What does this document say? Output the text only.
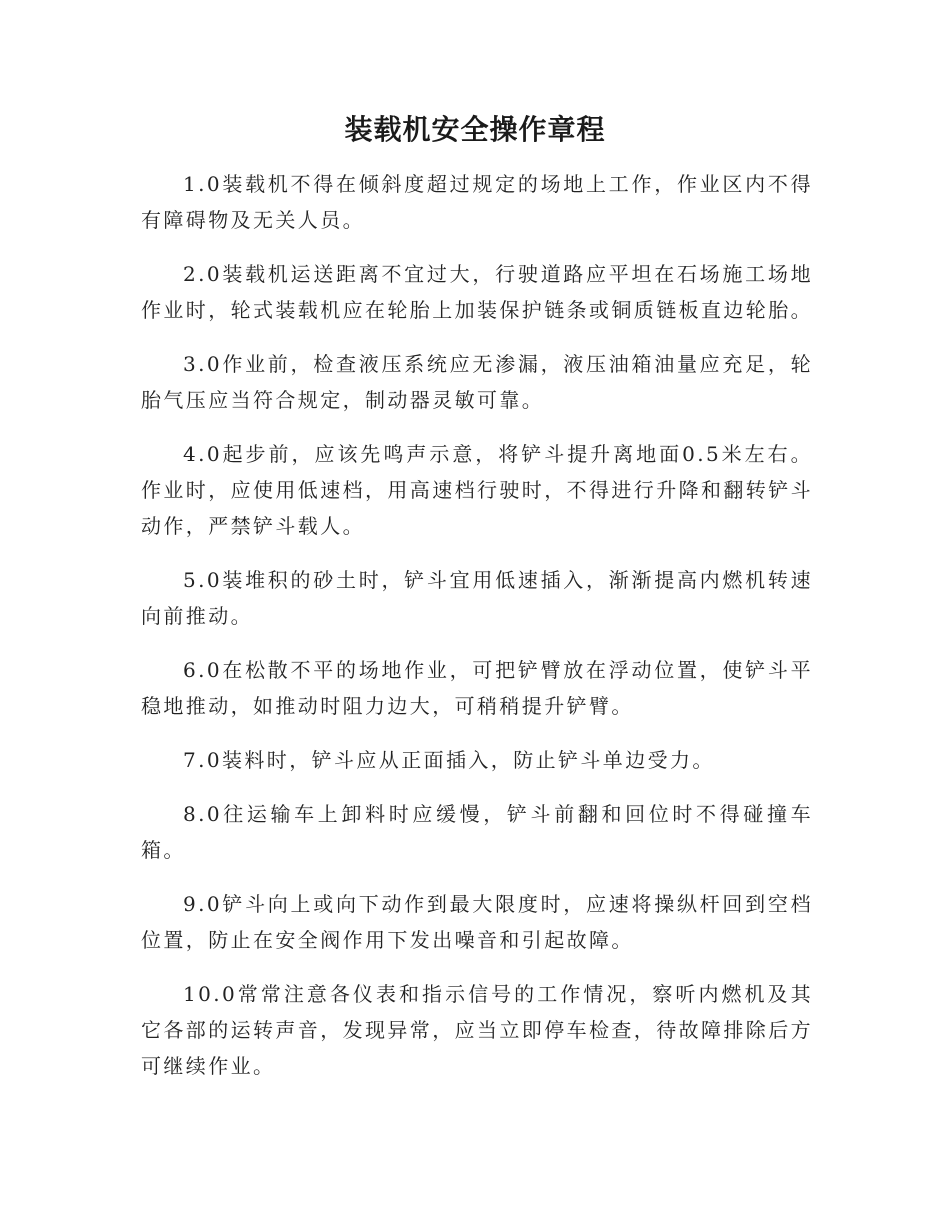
装载机安全操作章程

1.0装载机不得在倾斜度超过规定的场地上工作，作业区内不得有障碍物及无关人员。

2.0装载机运送距离不宜过大，行驶道路应平坦在石场施工场地作业时，轮式装载机应在轮胎上加装保护链条或铜质链板直边轮胎。

3.0作业前，检查液压系统应无渗漏，液压油箱油量应充足，轮胎气压应当符合规定，制动器灵敏可靠。

4.0起步前，应该先鸣声示意，将铲斗提升离地面0.5米左右。作业时，应使用低速档，用高速档行驶时，不得进行升降和翻转铲斗动作，严禁铲斗载人。

5.0装堆积的砂土时，铲斗宜用低速插入，渐渐提高内燃机转速向前推动。

6.0在松散不平的场地作业，可把铲臂放在浮动位置，使铲斗平稳地推动，如推动时阻力边大，可稍稍提升铲臂。

7.0装料时，铲斗应从正面插入，防止铲斗单边受力。

8.0往运输车上卸料时应缓慢，铲斗前翻和回位时不得碰撞车箱。

9.0铲斗向上或向下动作到最大限度时，应速将操纵杆回到空档位置，防止在安全阀作用下发出噪音和引起故障。

10.0常常注意各仪表和指示信号的工作情况，察听内燃机及其它各部的运转声音，发现异常，应当立即停车检查，待故障排除后方可继续作业。
